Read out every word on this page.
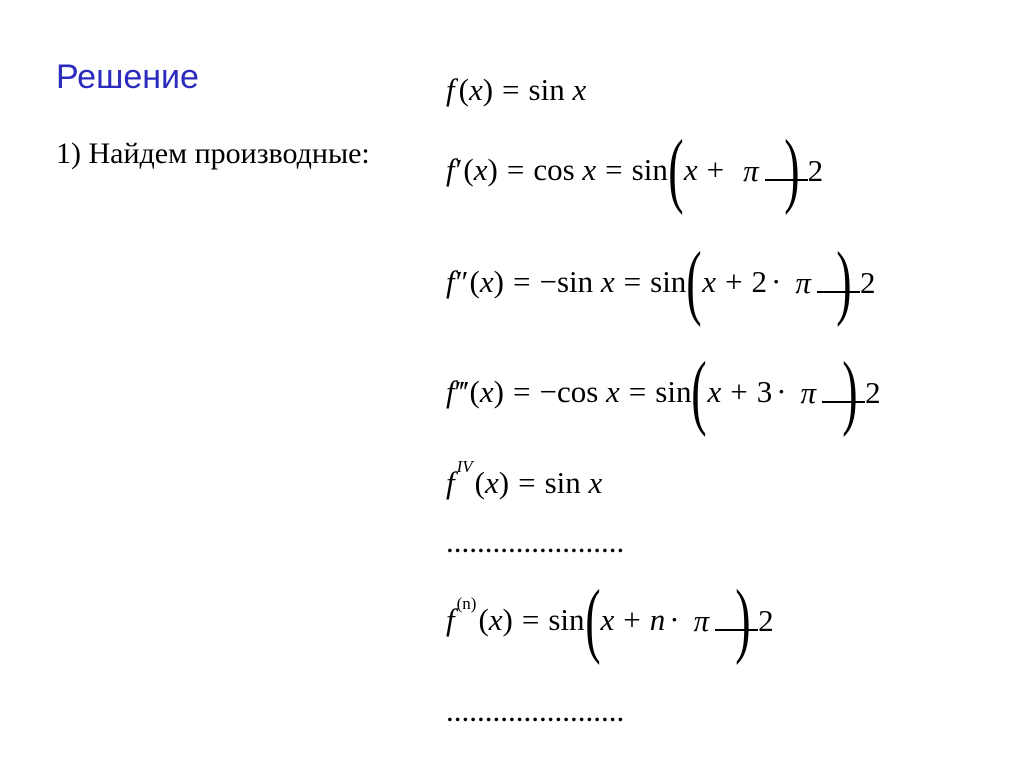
Решение
1) Найдем производные:
f ( x ) = sin
x
f ′ ( x ) = cos
x = sin ( x + π 2
)
f ″ ( x ) = − sin
x = sin ( x + 2 · π 2
)
f ‴ ( x ) = − cos
x = sin ( x + 3 · π 2
)
f IV ( x ) = sin
x
.......................
f (n) ( x ) = sin ( x + n · π 2
)
.......................
